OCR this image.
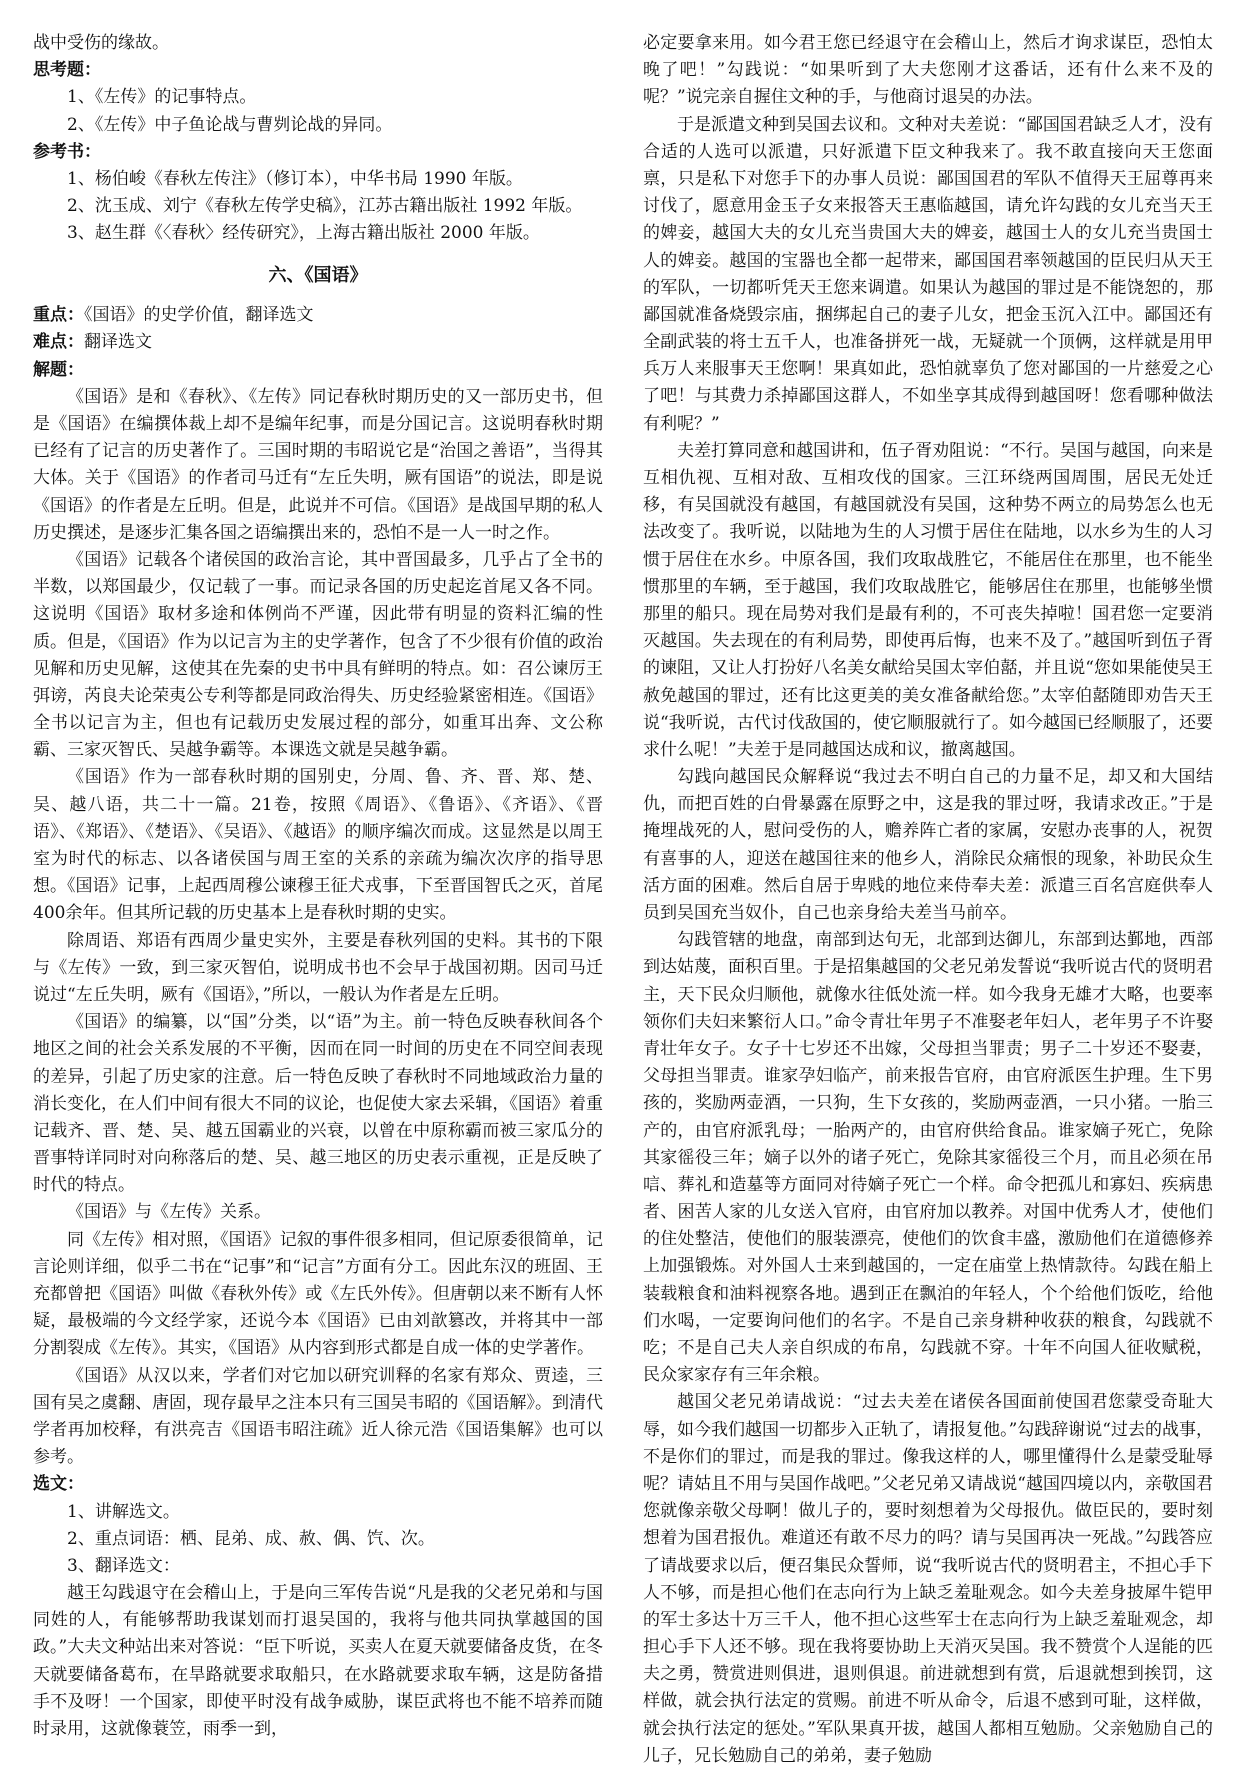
战中受伤的缘故。

思考题：

1、《左传》的记事特点。

2、《左传》中子鱼论战与曹刿论战的异同。

参考书：

1、杨伯峻《春秋左传注》（修订本），中华书局 1990 年版。

2、沈玉成、刘宁《春秋左传学史稿》，江苏古籍出版社 1992 年版。

3、赵生群《〈春秋〉经传研究》，上海古籍出版社 2000 年版。

六、《国语》

重点：《国语》的史学价值，翻译选文

难点：翻译选文

解题：

《国语》是和《春秋》、《左传》同记春秋时期历史的又一部历史书，但是《国语》在编撰体裁上却不是编年纪事，而是分国记言。这说明春秋时期已经有了记言的历史著作了。三国时期的韦昭说它是“治国之善语”，当得其大体。关于《国语》的作者司马迁有“左丘失明，厥有国语”的说法，即是说《国语》的作者是左丘明。但是，此说并不可信。《国语》是战国早期的私人历史撰述，是逐步汇集各国之语编撰出来的，恐怕不是一人一时之作。

《国语》记载各个诸侯国的政治言论，其中晋国最多，几乎占了全书的半数，以郑国最少，仅记载了一事。而记录各国的历史起迄首尾又各不同。这说明《国语》取材多途和体例尚不严谨，因此带有明显的资料汇编的性质。但是，《国语》作为以记言为主的史学著作，包含了不少很有价值的政治见解和历史见解，这使其在先秦的史书中具有鲜明的特点。如：召公谏厉王弭谤，芮良夫论荣夷公专利等都是同政治得失、历史经验紧密相连。《国语》全书以记言为主，但也有记载历史发展过程的部分，如重耳出奔、文公称霸、三家灭智氏、吴越争霸等。本课选文就是吴越争霸。

《国语》作为一部春秋时期的国别史，分周、鲁、齐、晋、郑、楚、吴、越八语，共二十一篇。21卷，按照《周语》、《鲁语》、《齐语》、《晋语》、《郑语》、《楚语》、《吴语》、《越语》的顺序编次而成。这显然是以周王室为时代的标志、以各诸侯国与周王室的关系的亲疏为编次次序的指导思想。《国语》记事，上起西周穆公谏穆王征犬戎事，下至晋国智氏之灭，首尾400余年。但其所记载的历史基本上是春秋时期的史实。

除周语、郑语有西周少量史实外，主要是春秋列国的史料。其书的下限与《左传》一致，到三家灭智伯，说明成书也不会早于战国初期。因司马迁说过“左丘失明，厥有《国语》，”所以，一般认为作者是左丘明。

《国语》的编纂，以“国”分类，以“语”为主。前一特色反映春秋间各个地区之间的社会关系发展的不平衡，因而在同一时间的历史在不同空间表现的差异，引起了历史家的注意。后一特色反映了春秋时不同地域政治力量的消长变化，在人们中间有很大不同的议论，也促使大家去采辑，《国语》着重记载齐、晋、楚、吴、越五国霸业的兴衰，以曾在中原称霸而被三家瓜分的晋事特详同时对向称落后的楚、吴、越三地区的历史表示重视，正是反映了时代的特点。

《国语》与《左传》关系。

同《左传》相对照，《国语》记叙的事件很多相同，但记原委很简单，记言论则详细，似乎二书在“记事”和“记言”方面有分工。因此东汉的班固、王充都曾把《国语》叫做《春秋外传》或《左氏外传》。但唐朝以来不断有人怀疑，最极端的今文经学家，还说今本《国语》已由刘歆篡改，并将其中一部分割裂成《左传》。其实，《国语》从内容到形式都是自成一体的史学著作。

《国语》从汉以来，学者们对它加以研究训释的名家有郑众、贾逵，三国有吴之虞翻、唐固，现存最早之注本只有三国吴韦昭的《国语解》。到清代学者再加校释，有洪亮吉《国语韦昭注疏》近人徐元浩《国语集解》也可以参考。

选文：

1、讲解选文。

2、重点词语：栖、昆弟、成、赦、偶、饩、次。

3、翻译选文：

越王勾践退守在会稽山上，于是向三军传告说“凡是我的父老兄弟和与国同姓的人，有能够帮助我谋划而打退吴国的，我将与他共同执掌越国的国政。”大夫文种站出来对答说：“臣下听说，买卖人在夏天就要储备皮货，在冬天就要储备葛布，在旱路就要求取船只，在水路就要求取车辆，这是防备措手不及呀！一个国家，即使平时没有战争威胁，谋臣武将也不能不培养而随时录用，这就像蓑笠，雨季一到，

必定要拿来用。如今君王您已经退守在会稽山上，然后才询求谋臣，恐怕太晚了吧！”勾践说：“如果听到了大夫您刚才这番话，还有什么来不及的呢？”说完亲自握住文种的手，与他商讨退吴的办法。

于是派遣文种到吴国去议和。文种对夫差说：“鄙国国君缺乏人才，没有合适的人选可以派遣，只好派遣下臣文种我来了。我不敢直接向天王您面禀，只是私下对您手下的办事人员说：鄙国国君的军队不值得天王屈尊再来讨伐了，愿意用金玉子女来报答天王惠临越国，请允许勾践的女儿充当天王的婢妾，越国大夫的女儿充当贵国大夫的婢妾，越国士人的女儿充当贵国士人的婢妾。越国的宝器也全都一起带来，鄙国国君率领越国的臣民归从天王的军队，一切都听凭天王您来调遣。如果认为越国的罪过是不能饶恕的，那鄙国就准备烧毁宗庙，捆绑起自己的妻子儿女，把金玉沉入江中。鄙国还有全副武装的将士五千人，也准备拼死一战，无疑就一个顶俩，这样就是用甲兵万人来服事天王您啊！果真如此，恐怕就辜负了您对鄙国的一片慈爱之心了吧！与其费力杀掉鄙国这群人，不如坐享其成得到越国呀！您看哪种做法有利呢？”

夫差打算同意和越国讲和，伍子胥劝阻说：“不行。吴国与越国，向来是互相仇视、互相对敌、互相攻伐的国家。三江环绕两国周围，居民无处迁移，有吴国就没有越国，有越国就没有吴国，这种势不两立的局势怎么也无法改变了。我听说，以陆地为生的人习惯于居住在陆地，以水乡为生的人习惯于居住在水乡。中原各国，我们攻取战胜它，不能居住在那里，也不能坐惯那里的车辆，至于越国，我们攻取战胜它，能够居住在那里，也能够坐惯那里的船只。现在局势对我们是最有利的，不可丧失掉啦！国君您一定要消灭越国。失去现在的有利局势，即使再后悔，也来不及了。”越国听到伍子胥的谏阻，又让人打扮好八名美女献给吴国太宰伯嚭，并且说“您如果能使吴王赦免越国的罪过，还有比这更美的美女准备献给您。”太宰伯嚭随即劝告天王说“我听说，古代讨伐敌国的，使它顺服就行了。如今越国已经顺服了，还要求什么呢！”夫差于是同越国达成和议，撤离越国。

勾践向越国民众解释说“我过去不明白自己的力量不足，却又和大国结仇，而把百姓的白骨暴露在原野之中，这是我的罪过呀，我请求改正。”于是掩埋战死的人，慰问受伤的人，赡养阵亡者的家属，安慰办丧事的人，祝贺有喜事的人，迎送在越国往来的他乡人，消除民众痛恨的现象，补助民众生活方面的困难。然后自居于卑贱的地位来侍奉夫差：派遣三百名宫庭供奉人员到吴国充当奴仆，自己也亲身给夫差当马前卒。

勾践管辖的地盘，南部到达句无，北部到达御儿，东部到达鄞地，西部到达姑蔑，面积百里。于是招集越国的父老兄弟发誓说“我听说古代的贤明君主，天下民众归顺他，就像水往低处流一样。如今我身无雄才大略，也要率领你们夫妇来繁衍人口。”命令青壮年男子不准娶老年妇人，老年男子不许娶青壮年女子。女子十七岁还不出嫁，父母担当罪责；男子二十岁还不娶妻，父母担当罪责。谁家孕妇临产，前来报告官府，由官府派医生护理。生下男孩的，奖励两壶酒，一只狗，生下女孩的，奖励两壶酒，一只小猪。一胎三产的，由官府派乳母；一胎两产的，由官府供给食品。谁家嫡子死亡，免除其家徭役三年；嫡子以外的诸子死亡，免除其家徭役三个月，而且必须在吊唁、葬礼和造墓等方面同对待嫡子死亡一个样。命令把孤儿和寡妇、疾病患者、困苦人家的儿女送入官府，由官府加以教养。对国中优秀人才，使他们的住处整洁，使他们的服装漂亮，使他们的饮食丰盛，激励他们在道德修养上加强锻炼。对外国人士来到越国的，一定在庙堂上热情款待。勾践在船上装载粮食和油料视察各地。遇到正在飘泊的年轻人，个个给他们饭吃，给他们水喝，一定要询问他们的名字。不是自己亲身耕种收获的粮食，勾践就不吃；不是自己夫人亲自织成的布帛，勾践就不穿。十年不向国人征收赋税，民众家家存有三年余粮。

越国父老兄弟请战说：“过去夫差在诸侯各国面前使国君您蒙受奇耻大辱，如今我们越国一切都步入正轨了，请报复他。”勾践辞谢说“过去的战事，不是你们的罪过，而是我的罪过。像我这样的人，哪里懂得什么是蒙受耻辱呢？请姑且不用与吴国作战吧。”父老兄弟又请战说“越国四境以内，亲敬国君您就像亲敬父母啊！做儿子的，要时刻想着为父母报仇。做臣民的，要时刻想着为国君报仇。难道还有敢不尽力的吗？请与吴国再决一死战。”勾践答应了请战要求以后，便召集民众誓师，说“我听说古代的贤明君主，不担心手下人不够，而是担心他们在志向行为上缺乏羞耻观念。如今夫差身披犀牛铠甲的军士多达十万三千人，他不担心这些军士在志向行为上缺乏羞耻观念，却担心手下人还不够。现在我将要协助上天消灭吴国。我不赞赏个人逞能的匹夫之勇，赞赏进则俱进，退则俱退。前进就想到有赏，后退就想到挨罚，这样做，就会执行法定的赏赐。前进不听从命令，后退不感到可耻，这样做，就会执行法定的惩处。”军队果真开拔，越国人都相互勉励。父亲勉励自己的儿子，兄长勉励自己的弟弟，妻子勉励
